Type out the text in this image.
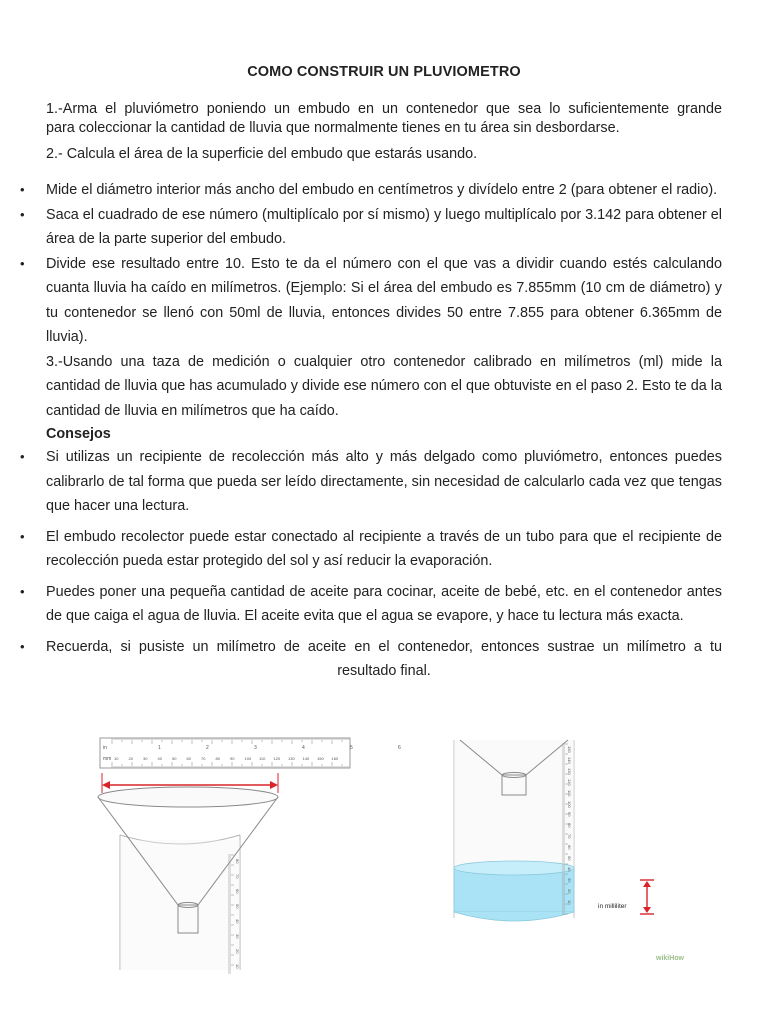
COMO CONSTRUIR UN PLUVIOMETRO
1.-Arma el pluviómetro poniendo un embudo en un contenedor que sea lo suficientemente grande
para coleccionar la cantidad de lluvia que normalmente tienes en tu área sin desbordarse.
2.- Calcula el área de la superficie del embudo que estarás usando.
• Mide el diámetro interior más ancho del embudo en centímetros y divídelo entre 2 (para obtener el radio).
• Saca el cuadrado de ese número (multiplícalo por sí mismo) y luego multiplícalo por 3.142 para obtener el área de la parte superior del embudo.
• Divide ese resultado entre 10. Esto te da el número con el que vas a dividir cuando estés calculando cuanta lluvia ha caído en milímetros. (Ejemplo: Si el área del embudo es 7.855mm (10 cm de diámetro) y tu contenedor se llenó con 50ml de lluvia, entonces divides 50 entre 7.855 para obtener 6.365mm de lluvia).
3.-Usando una taza de medición o cualquier otro contenedor calibrado en milímetros (ml) mide la cantidad de lluvia que has acumulado y divide ese número con el que obtuviste en el paso 2. Esto te da la cantidad de lluvia en milímetros que ha caído.
Consejos
• Si utilizas un recipiente de recolección más alto y más delgado como pluviómetro, entonces puedes calibrarlo de tal forma que pueda ser leído directamente, sin necesidad de calcularlo cada vez que tengas que hacer una lectura.
• El embudo recolector puede estar conectado al recipiente a través de un tubo para que el recipiente de recolección pueda estar protegido del sol y así reducir la evaporación.
• Puedes poner una pequeña cantidad de aceite para cocinar, aceite de bebé, etc. en el contenedor antes de que caiga el agua de lluvia. El aceite evita que el agua se evapore, y hace tu lectura más exacta.
• Recuerda, si pusiste un milímetro de aceite en el contenedor, entonces sustrae un milímetro a tu
resultado final.
in
mm
1	2	3	4	5	6
10	20	30	40	50	60	70	80	90	100 110 120 130 140 150 160
80
70
60
50
40
30
20
10
150
140
130
120
110
100
90
80
70
60
50
40
30
20
10
in milliliter
wikiHow
